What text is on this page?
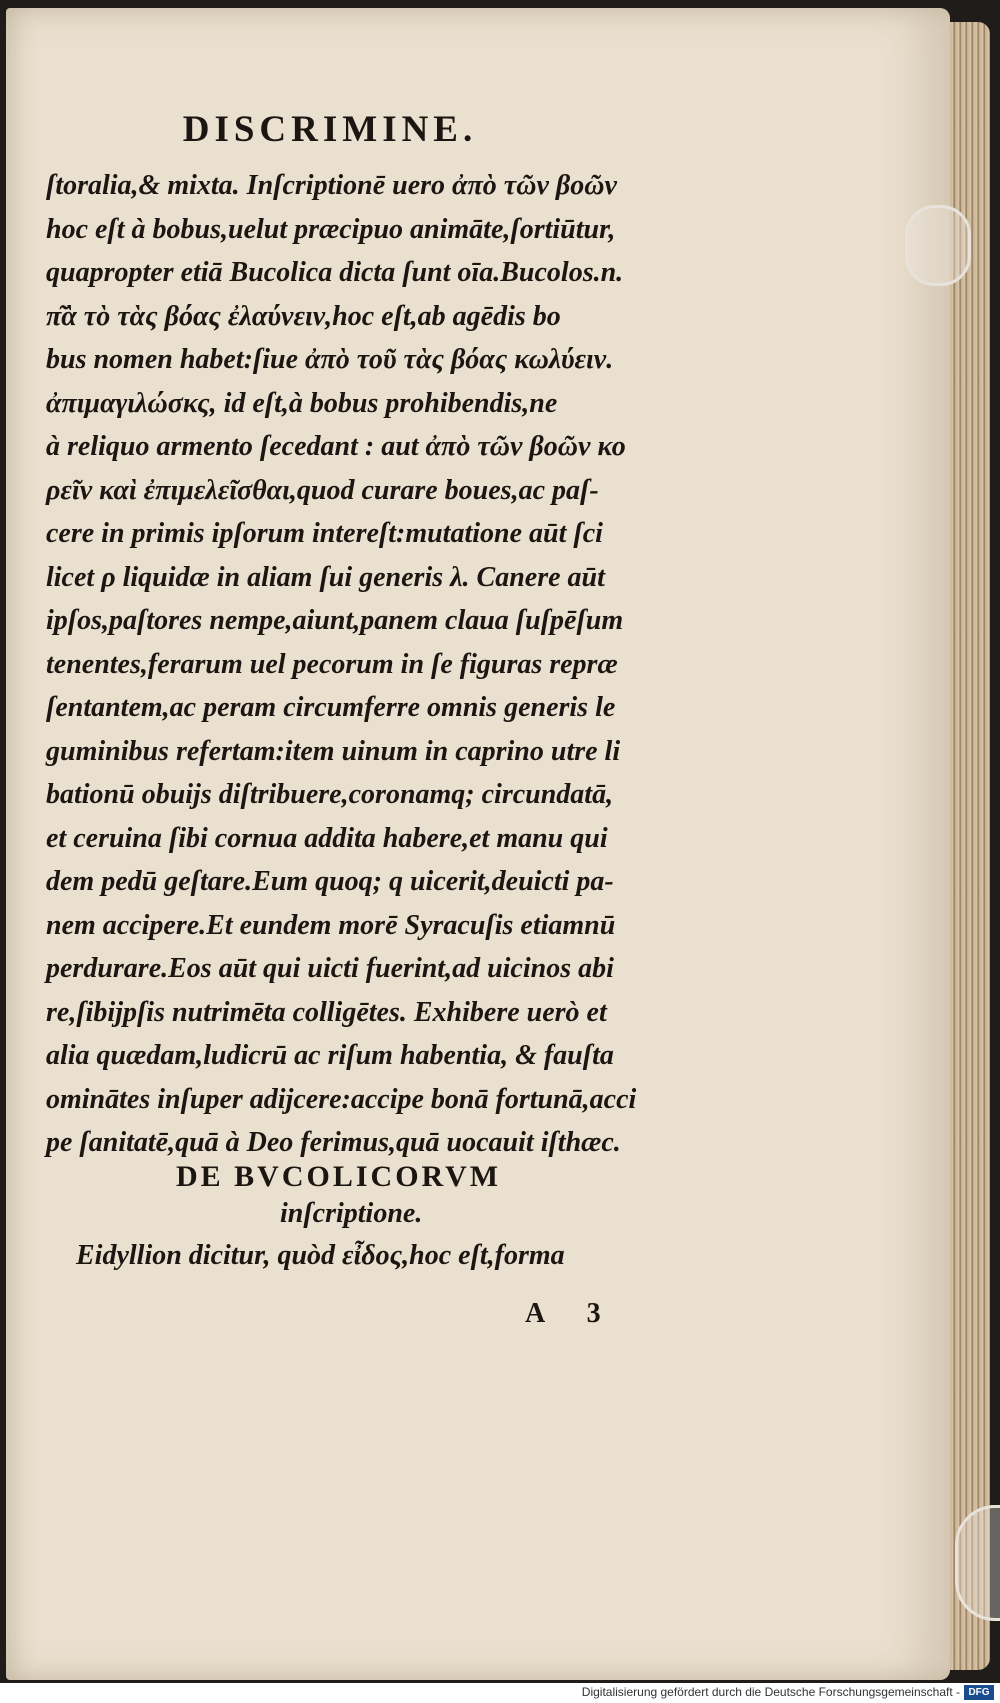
DISCRIMINE.
ſtoralia,& mixta. Inſcriptionē uero ἀπὸ τῶν βοῶν
hoc eſt à bobus,uelut præcipuo animāte,ſortiūtur,
quapropter etiā Bucolica dicta ſunt oīa.Bucolos.n.
π͂ὰ τὸ τὰς βόας ἐλαύνειν,hoc eſt,ab agēdis bo
bus nomen habet:ſiue ἀπὸ τοῦ τὰς βόας κωλύειν.
ἀπιμαγιλώσκς, id eſt,à bobus prohibendis,ne
à reliquo armento ſecedant : aut ἀπὸ τῶν βοῶν κο
ρεῖν καὶ ἐπιμελεῖσθαι,quod curare boues,ac paſ-
cere in primis ipſorum intereſt:mutatione aūt ſci
licet ρ liquidæ in aliam ſui generis λ. Canere aūt
ipſos,paſtores nempe,aiunt,panem claua ſuſpēſum
tenentes,ferarum uel pecorum in ſe figuras repræ
ſentantem,ac peram circumferre omnis generis le
guminibus refertam:item uinum in caprino utre li
bationū obuijs diſtribuere,coronamq; circundatā,
et ceruina ſibi cornua addita habere,et manu qui
dem pedū geſtare.Eum quoq; q uicerit,deuicti pa-
nem accipere.Et eundem morē Syracuſis etiamnū
perdurare.Eos aūt qui uicti fuerint,ad uicinos abi
re,ſibijpſis nutrimēta colligētes. Exhibere uerò et
alia quædam,ludicrū ac riſum habentia, & fauſta
ominātes inſuper adijcere:accipe bonā fortunā,acci
pe ſanitatē,quā à Deo ferimus,quā uocauit iſthæc.
DE BVCOLICORVM
inſcriptione.
Eidyllion dicitur, quòd εἶδος,hoc eſt,forma
A 3
Digitalisierung gefördert durch die Deutsche Forschungsgemeinschaft - DFG
